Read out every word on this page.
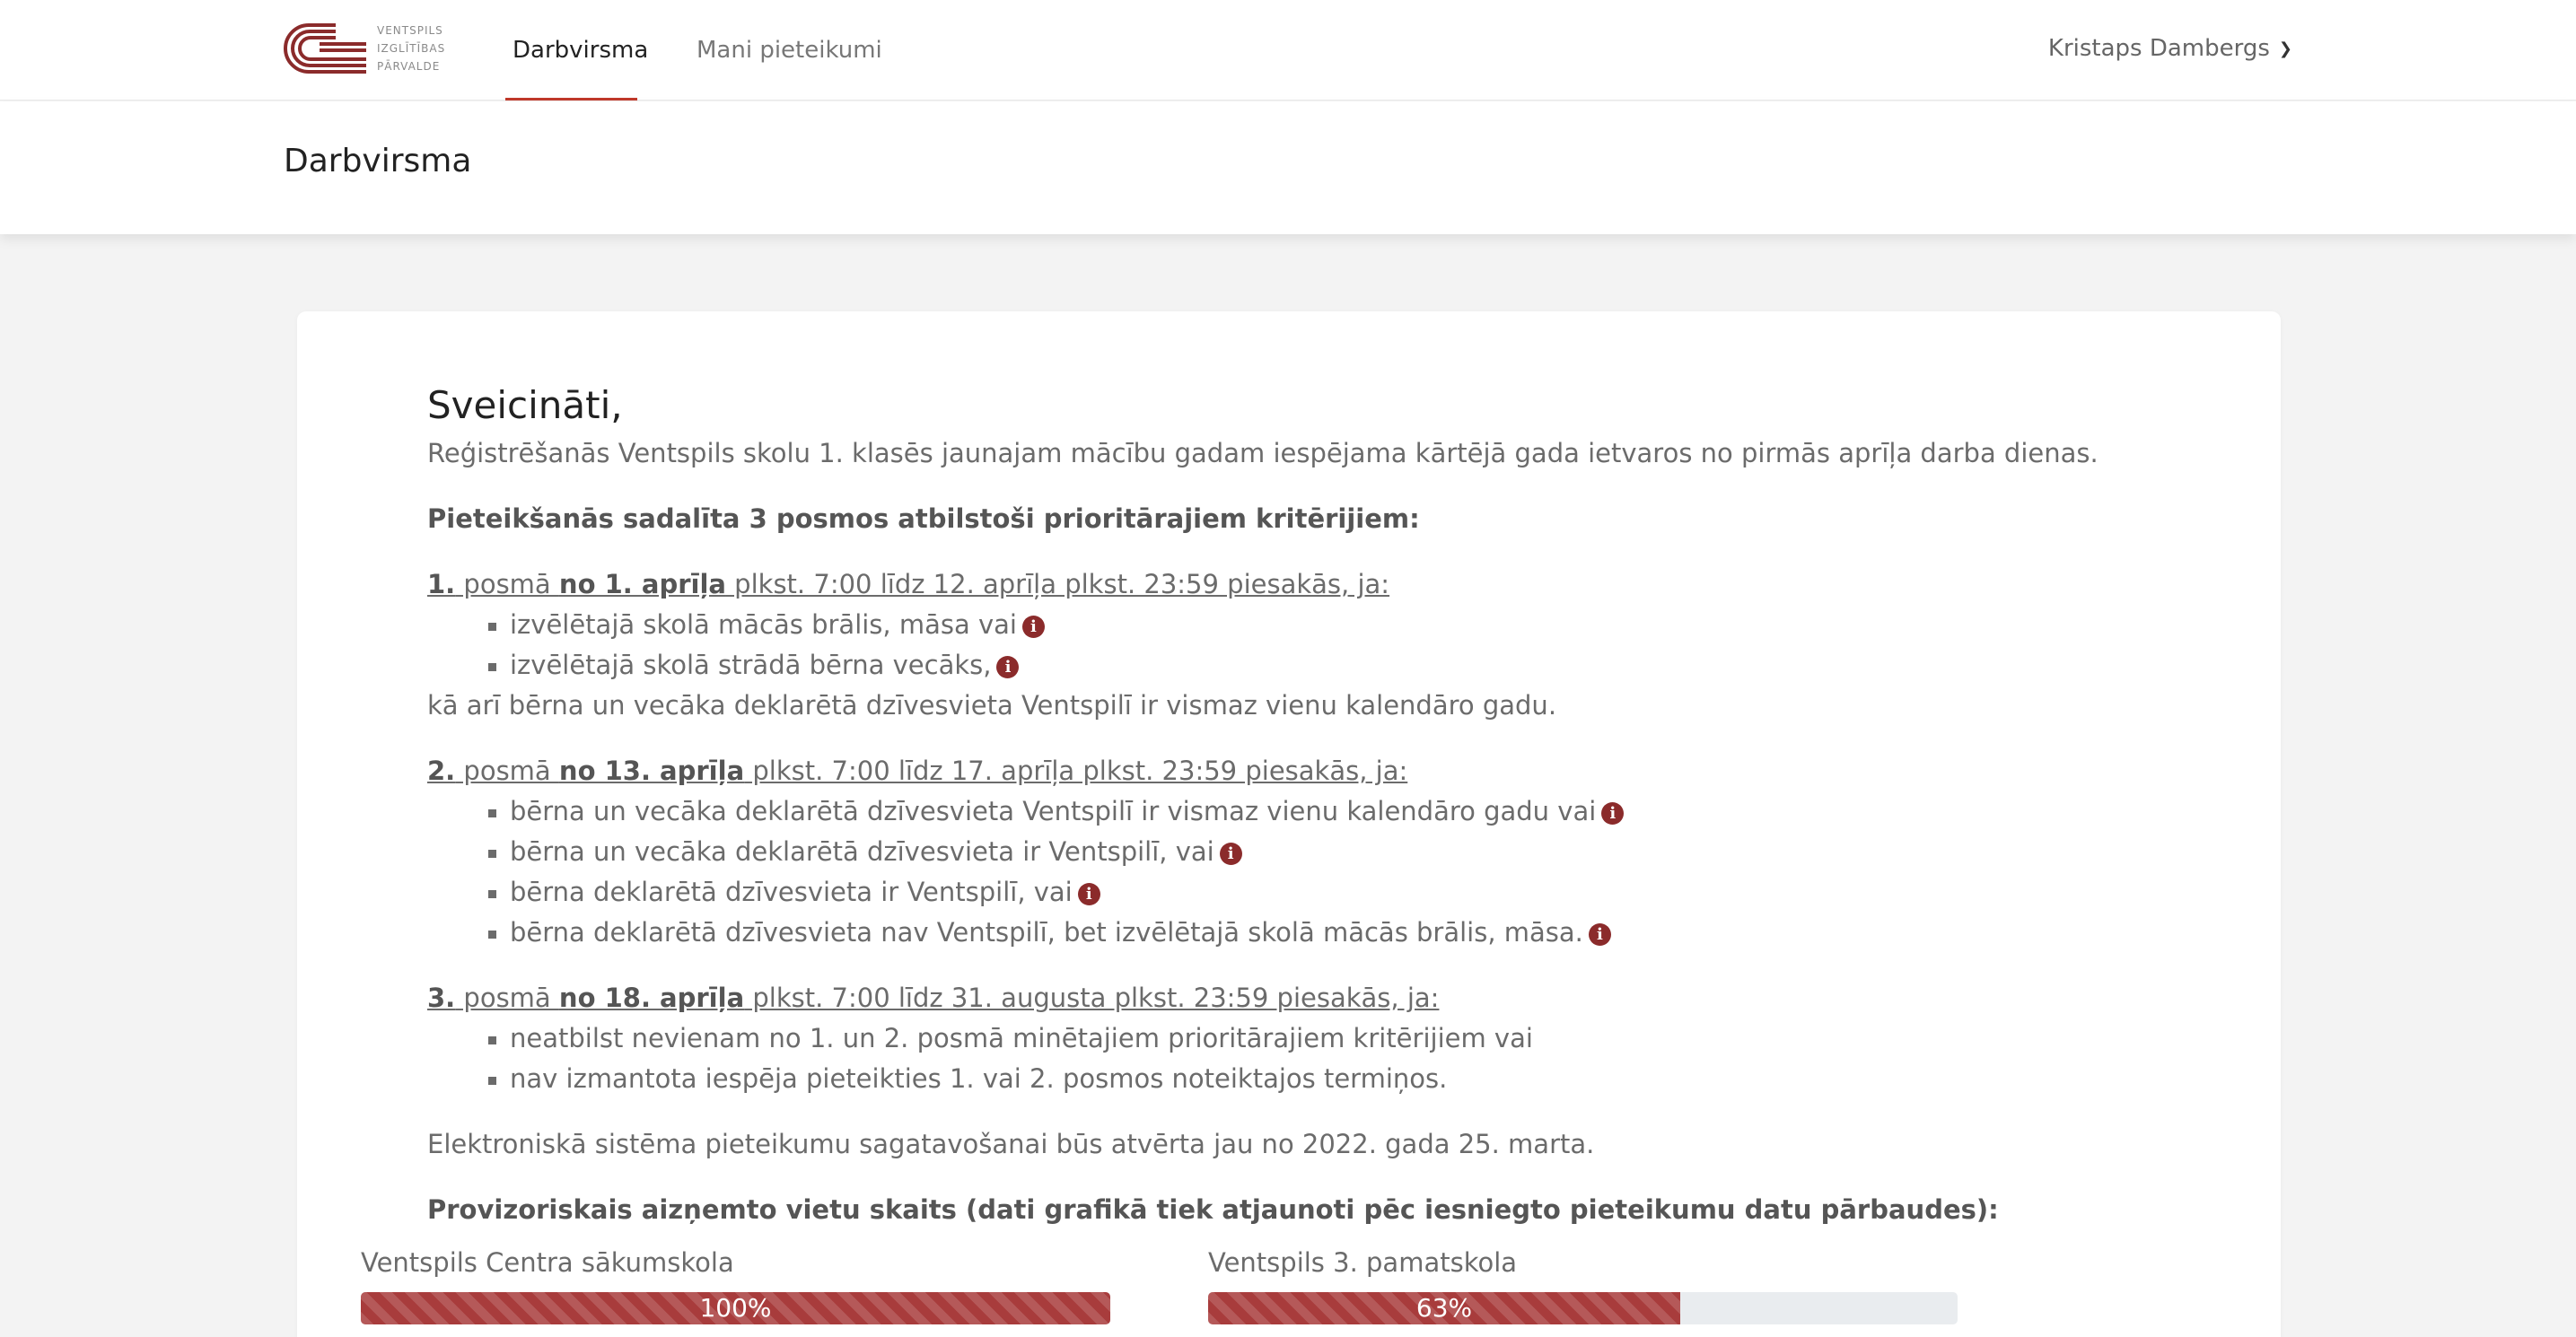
VENTSPILS
IZGLĪTĪBAS
PĀRVALDE
Darbvirsma	Mani pieteikumi	Kristaps Dambergs ❯
Darbvirsma
Sveicināti,
Reģistrēšanās Ventspils skolu 1. klasēs jaunajam mācību gadam iespējama kārtējā gada ietvaros no pirmās aprīļa darba dienas.
Pieteikšanās sadalīta 3 posmos atbilstoši prioritārajiem kritērijiem:
1. posmā no 1. aprīļa plkst. 7:00 līdz 12. aprīļa plkst. 23:59 piesakās, ja:
izvēlētajā skolā mācās brālis, māsa vai i
izvēlētajā skolā strādā bērna vecāks, i
kā arī bērna un vecāka deklarētā dzīvesvieta Ventspilī ir vismaz vienu kalendāro gadu.
2. posmā no 13. aprīļa plkst. 7:00 līdz 17. aprīļa plkst. 23:59 piesakās, ja:
bērna un vecāka deklarētā dzīvesvieta Ventspilī ir vismaz vienu kalendāro gadu vai i
bērna un vecāka deklarētā dzīvesvieta ir Ventspilī, vai i
bērna deklarētā dzīvesvieta ir Ventspilī, vai i
bērna deklarētā dzīvesvieta nav Ventspilī, bet izvēlētajā skolā mācās brālis, māsa. i
3. posmā no 18. aprīļa plkst. 7:00 līdz 31. augusta plkst. 23:59 piesakās, ja:
neatbilst nevienam no 1. un 2. posmā minētajiem prioritārajiem kritērijiem vai
nav izmantota iespēja pieteikties 1. vai 2. posmos noteiktajos termiņos.
Elektroniskā sistēma pieteikumu sagatavošanai būs atvērta jau no 2022. gada 25. marta.
Provizoriskais aizņemto vietu skaits (dati grafikā tiek atjaunoti pēc iesniegto pieteikumu datu pārbaudes):
Ventspils Centra sākumskola
100%
Ventspils 3. pamatskola
63%
